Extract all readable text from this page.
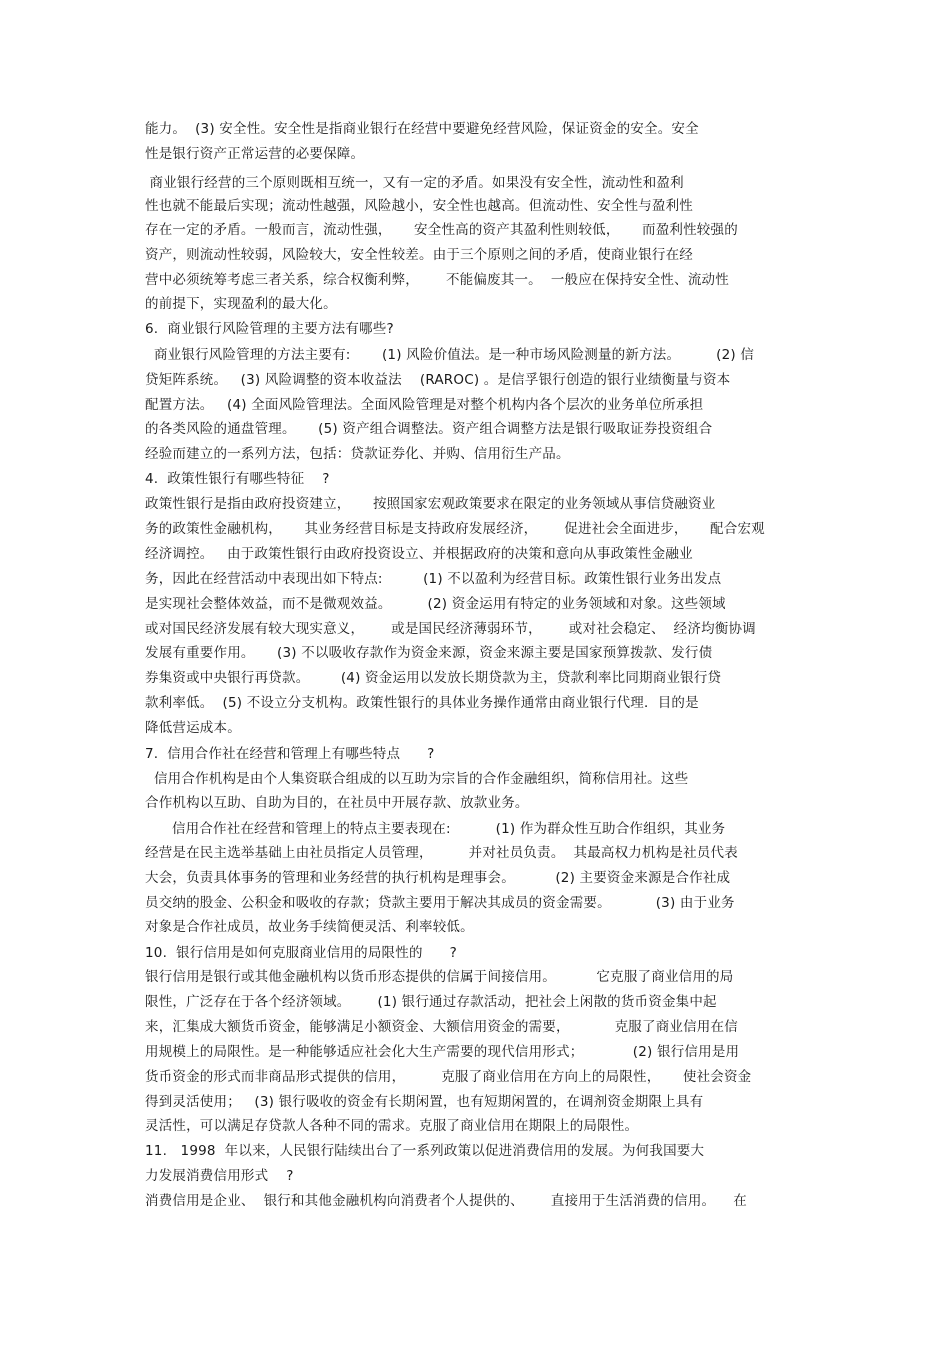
能力。  (3) 安全性。安全性是指商业银行在经营中要避免经营风险，保证资金的安全。安全
性是银行资产正常运营的必要保障。
商业银行经营的三个原则既相互统一，又有一定的矛盾。如果没有安全性，流动性和盈利
性也就不能最后实现；流动性越强，风险越小，安全性也越高。但流动性、安全性与盈利性
存在一定的矛盾。一般而言，流动性强，     安全性高的资产其盈利性则较低，     而盈利性较强的
资产，则流动性较弱，风险较大，安全性较差。由于三个原则之间的矛盾，使商业银行在经
营中必须统筹考虑三者关系，综合权衡利弊，      不能偏废其一。  一般应在保持安全性、流动性
的前提下，实现盈利的最大化。
6.  商业银行风险管理的主要方法有哪些?
商业银行风险管理的方法主要有:       (1) 风险价值法。是一种市场风险测量的新方法。        (2) 信
贷矩阵系统。   (3) 风险调整的资本收益法    (RAROC) 。是信孚银行创造的银行业绩衡量与资本
配置方法。   (4) 全面风险管理法。全面风险管理是对整个机构内各个层次的业务单位所承担
的各类风险的通盘管理。     (5) 资产组合调整法。资产组合调整方法是银行吸取证券投资组合
经验而建立的一系列方法，包括：贷款证券化、并购、信用衍生产品。
4.  政策性银行有哪些特征    ?
政策性银行是指由政府投资建立，     按照国家宏观政策要求在限定的业务领域从事信贷融资业
务的政策性金融机构，     其业务经营目标是支持政府发展经济，      促进社会全面进步，     配合宏观
经济调控。   由于政策性银行由政府投资设立、并根据政府的决策和意向从事政策性金融业
务，因此在经营活动中表现出如下特点:         (1) 不以盈利为经营目标。政策性银行业务出发点
是实现社会整体效益，而不是微观效益。        (2) 资金运用有特定的业务领域和对象。这些领域
或对国民经济发展有较大现实意义，      或是国民经济薄弱环节，      或对社会稳定、  经济均衡协调
发展有重要作用。     (3) 不以吸收存款作为资金来源，资金来源主要是国家预算拨款、发行债
券集资或中央银行再贷款。       (4) 资金运用以发放长期贷款为主，贷款利率比同期商业银行贷
款利率低。  (5) 不设立分支机构。政策性银行的具体业务操作通常由商业银行代理．目的是
降低营运成本。
7.  信用合作社在经营和管理上有哪些特点      ?
信用合作机构是由个人集资联合组成的以互助为宗旨的合作金融组织，简称信用社。这些
合作机构以互助、自助为目的，在社员中开展存款、放款业务。
信用合作社在经营和管理上的特点主要表现在:          (1) 作为群众性互助合作组织，其业务
经营是在民主选举基础上由社员指定人员管理，        并对社员负责。  其最高权力机构是社员代表
大会，负责具体事务的管理和业务经营的执行机构是理事会。         (2) 主要资金来源是合作社成
员交纳的股金、公积金和吸收的存款；贷款主要用于解决其成员的资金需要。          (3) 由于业务
对象是合作社成员，故业务手续简便灵活、利率较低。
10.  银行信用是如何克服商业信用的局限性的      ?
银行信用是银行或其他金融机构以货币形态提供的信属于间接信用。         它克服了商业信用的局
限性，广泛存在于各个经济领域。      (1) 银行通过存款活动，把社会上闲散的货币资金集中起
来，汇集成大额货币资金，能够满足小额资金、大额信用资金的需要，          克服了商业信用在信
用规模上的局限性。是一种能够适应社会化大生产需要的现代信用形式；           (2) 银行信用是用
货币资金的形式而非商品形式提供的信用，        克服了商业信用在方向上的局限性，     使社会资金
得到灵活使用；   (3) 银行吸收的资金有长期闲置，也有短期闲置的，在调剂资金期限上具有
灵活性，可以满足存贷款人各种不同的需求。克服了商业信用在期限上的局限性。
11.   1998  年以来，人民银行陆续出台了一系列政策以促进消费信用的发展。为何我国要大
力发展消费信用形式    ?
消费信用是企业、  银行和其他金融机构向消费者个人提供的、      直接用于生活消费的信用。    在
